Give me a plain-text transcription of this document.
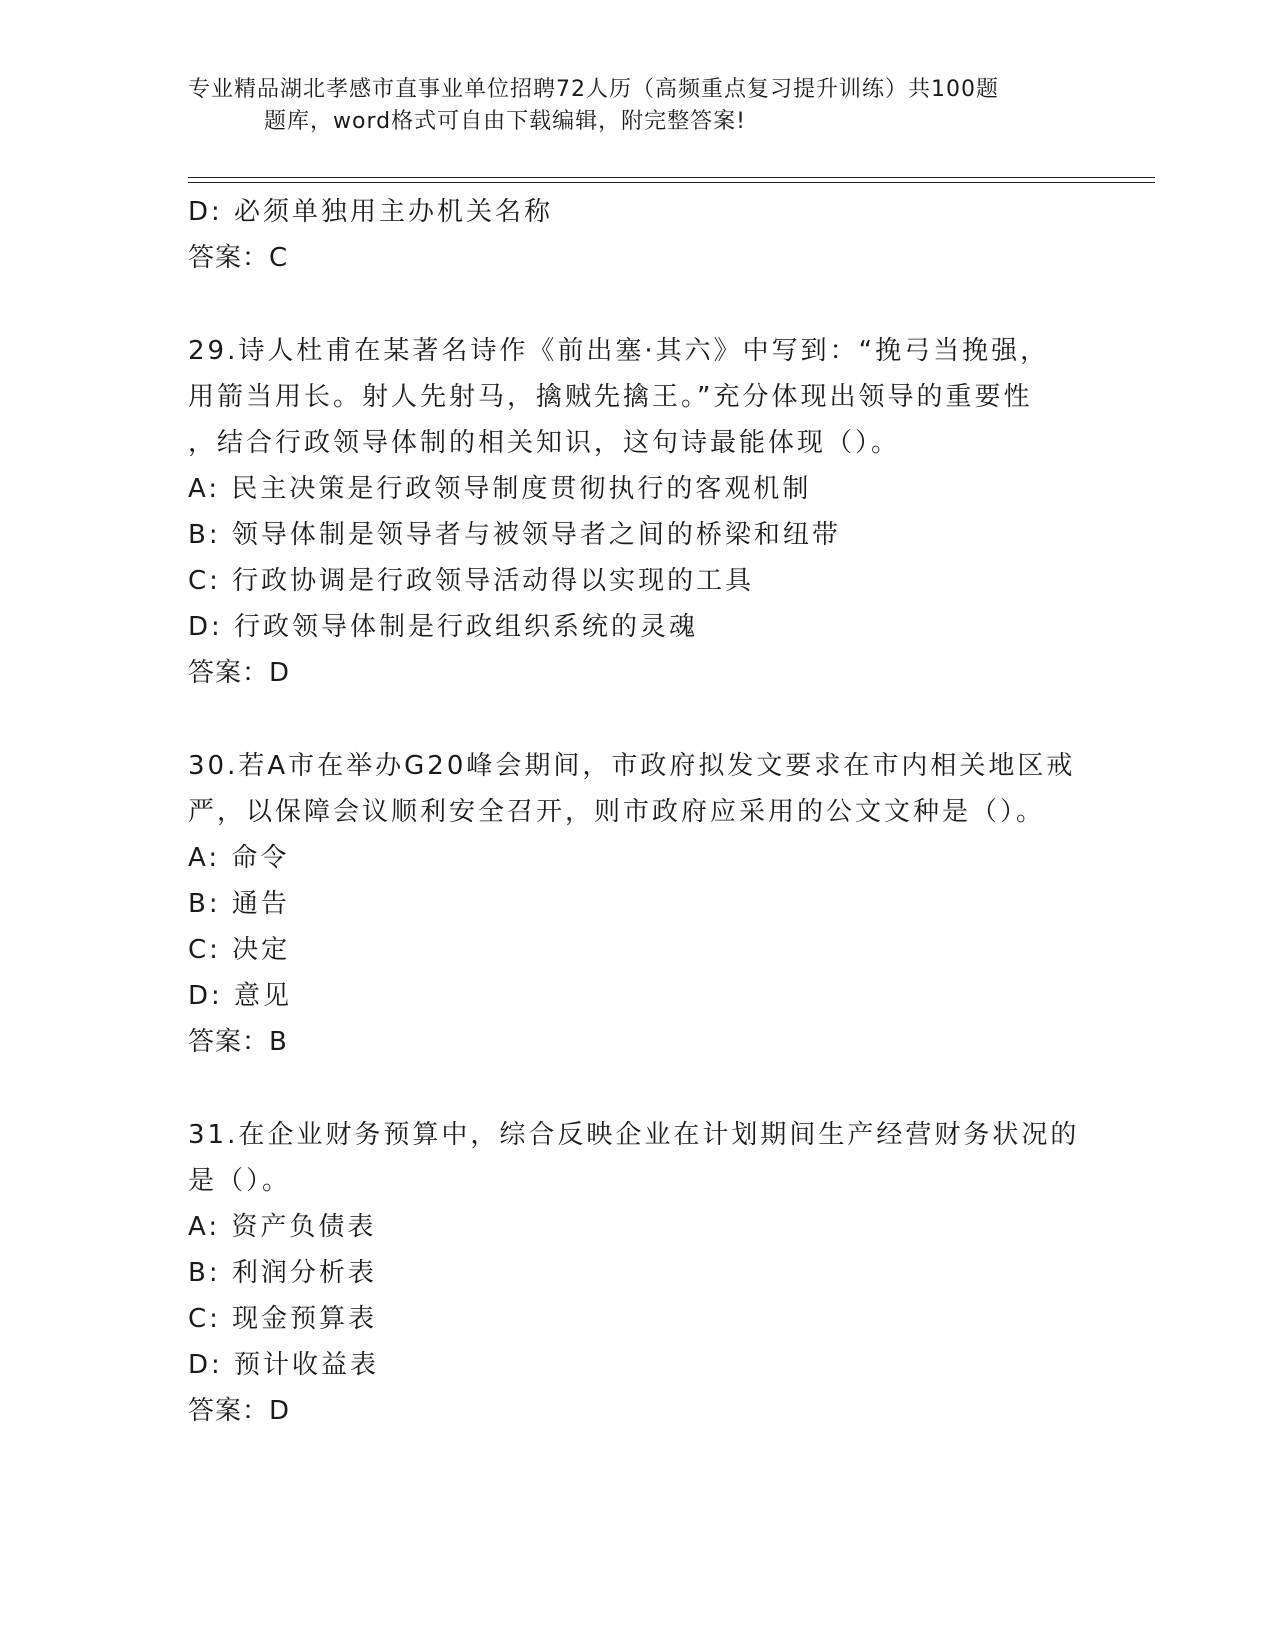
专业精品湖北孝感市直事业单位招聘72人历（高频重点复习提升训练）共100题
题库，word格式可自由下载编辑，附完整答案!
D: 必须单独用主办机关名称
答案：C
29.诗人杜甫在某著名诗作《前出塞·其六》中写到：“挽弓当挽强，
用箭当用长。射人先射马，擒贼先擒王。”充分体现出领导的重要性
，结合行政领导体制的相关知识，这句诗最能体现（）。
A: 民主决策是行政领导制度贯彻执行的客观机制
B: 领导体制是领导者与被领导者之间的桥梁和纽带
C: 行政协调是行政领导活动得以实现的工具
D: 行政领导体制是行政组织系统的灵魂
答案：D
30.若A市在举办G20峰会期间，市政府拟发文要求在市内相关地区戒
严，以保障会议顺利安全召开，则市政府应采用的公文文种是（）。
A: 命令
B: 通告
C: 决定
D: 意见
答案：B
31.在企业财务预算中，综合反映企业在计划期间生产经营财务状况的
是（）。
A: 资产负债表
B: 利润分析表
C: 现金预算表
D: 预计收益表
答案：D
